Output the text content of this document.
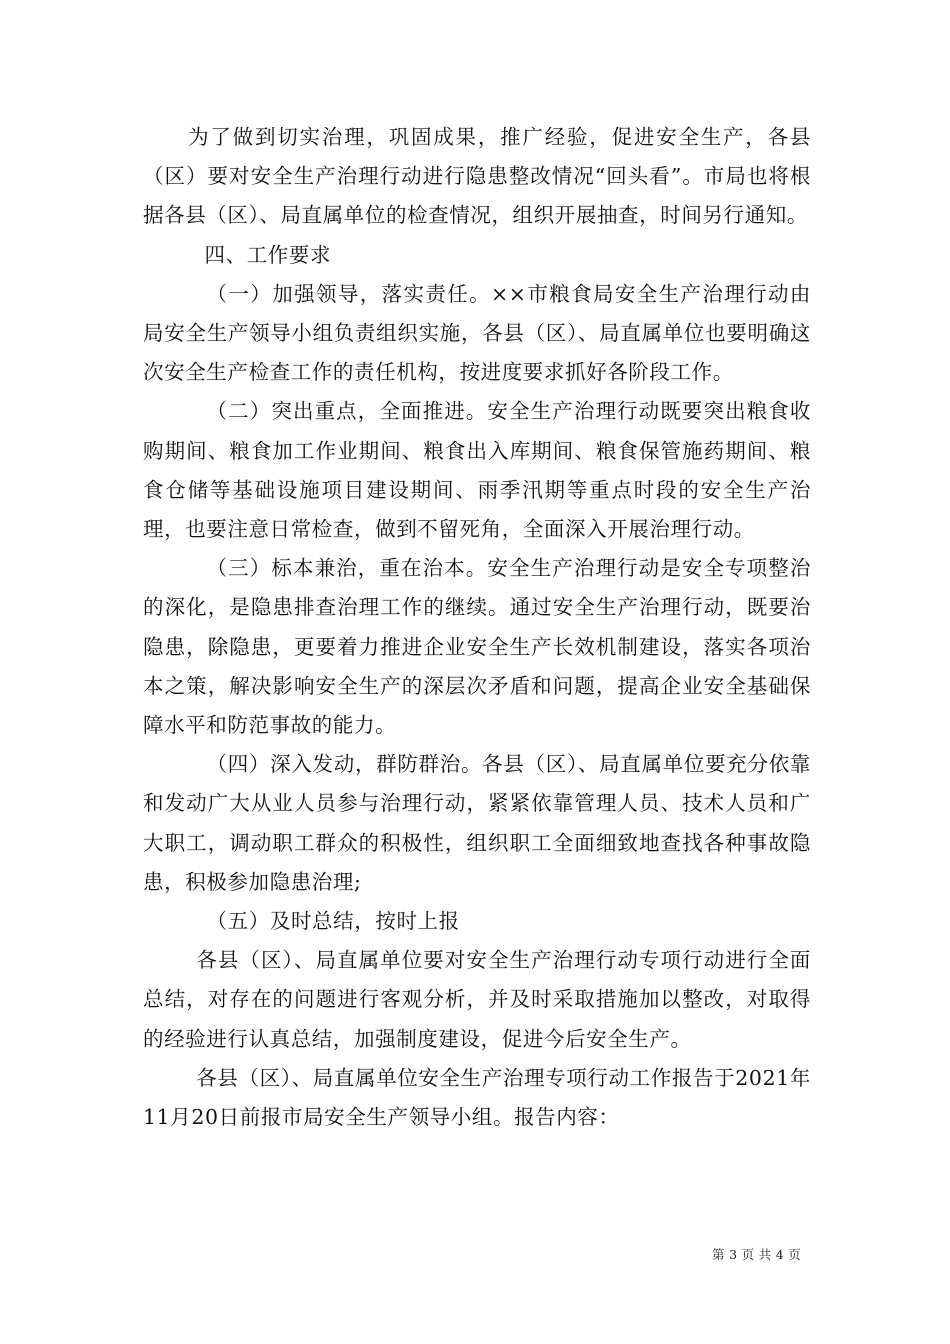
为了做到切实治理，巩固成果，推广经验，促进安全生产，各县（区）要对安全生产治理行动进行隐患整改情况“回头看”。市局也将根据各县（区）、局直属单位的检查情况，组织开展抽查，时间另行通知。

四、工作要求

（一）加强领导，落实责任。××市粮食局安全生产治理行动由局安全生产领导小组负责组织实施，各县（区）、局直属单位也要明确这次安全生产检查工作的责任机构，按进度要求抓好各阶段工作。

（二）突出重点，全面推进。安全生产治理行动既要突出粮食收购期间、粮食加工作业期间、粮食出入库期间、粮食保管施药期间、粮食仓储等基础设施项目建设期间、雨季汛期等重点时段的安全生产治理，也要注意日常检查，做到不留死角，全面深入开展治理行动。

（三）标本兼治，重在治本。安全生产治理行动是安全专项整治的深化，是隐患排查治理工作的继续。通过安全生产治理行动，既要治隐患，除隐患，更要着力推进企业安全生产长效机制建设，落实各项治本之策，解决影响安全生产的深层次矛盾和问题，提高企业安全基础保障水平和防范事故的能力。

（四）深入发动，群防群治。各县（区）、局直属单位要充分依靠和发动广大从业人员参与治理行动，紧紧依靠管理人员、技术人员和广大职工，调动职工群众的积极性，组织职工全面细致地查找各种事故隐患，积极参加隐患治理;

（五）及时总结，按时上报

各县（区）、局直属单位要对安全生产治理行动专项行动进行全面总结，对存在的问题进行客观分析，并及时采取措施加以整改，对取得的经验进行认真总结，加强制度建设，促进今后安全生产。

各县（区）、局直属单位安全生产治理专项行动工作报告于2021年11月20日前报市局安全生产领导小组。报告内容：

第 3 页 共 4 页
